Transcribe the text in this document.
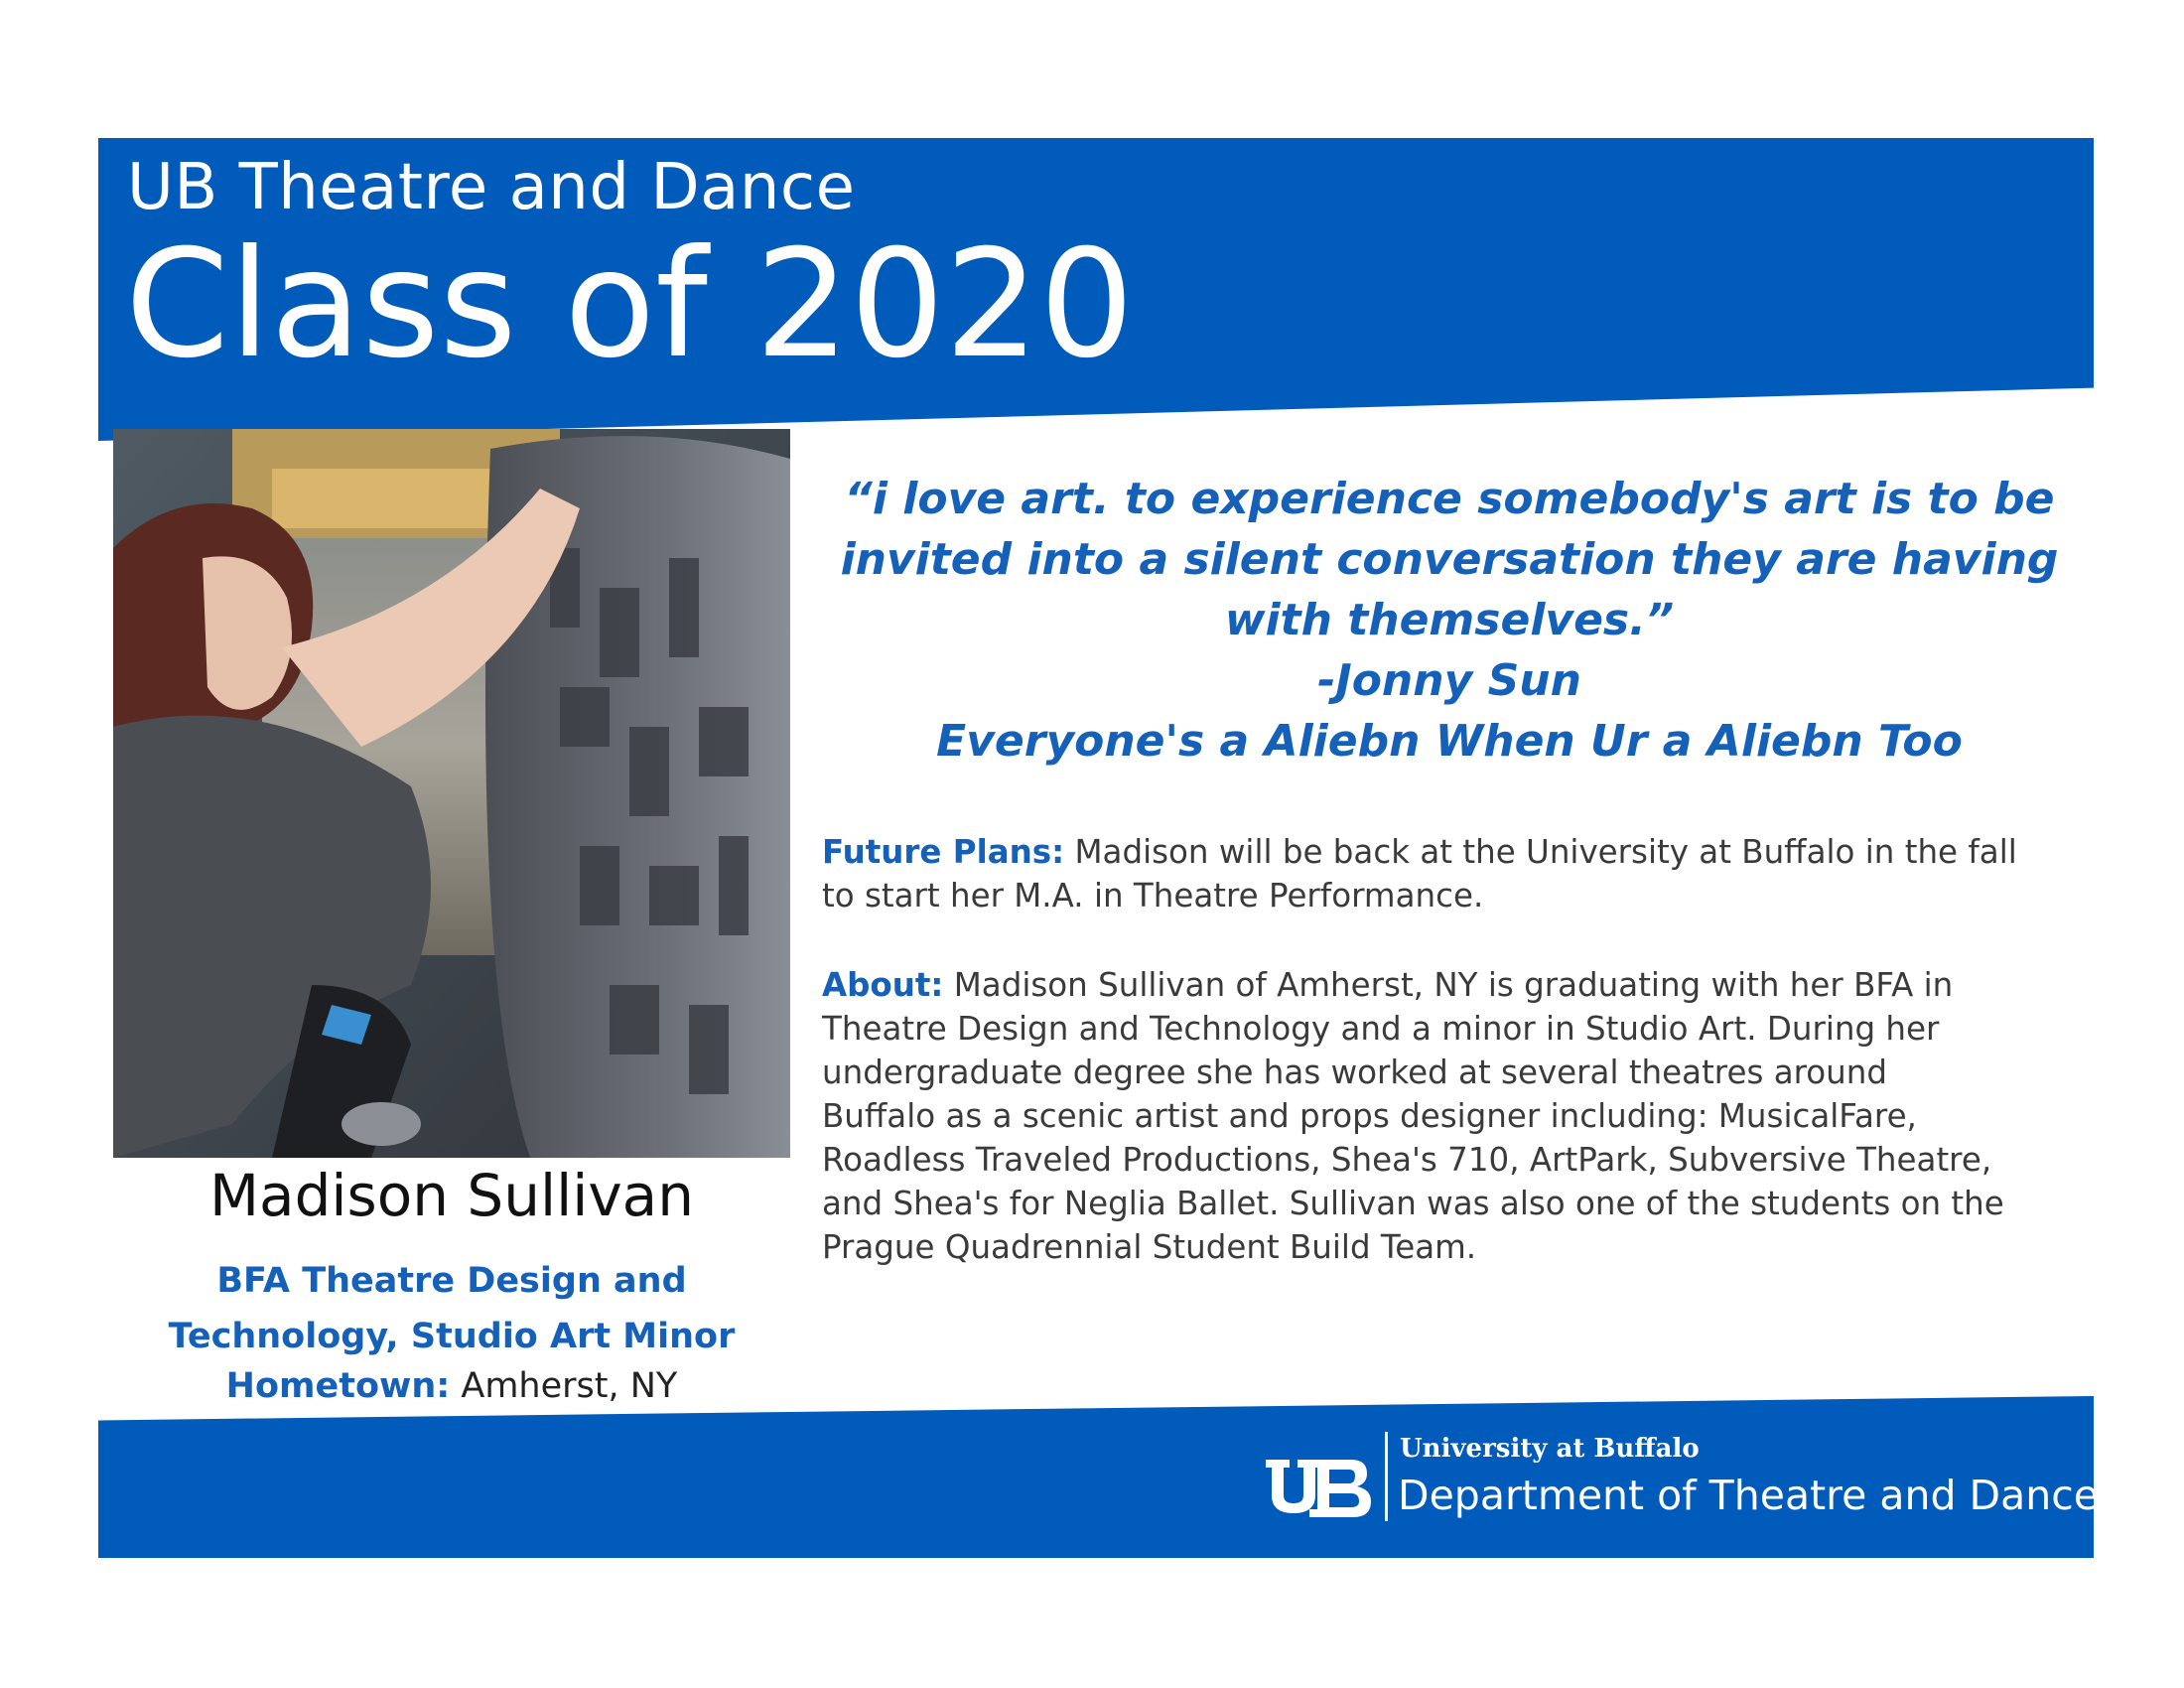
UB Theatre and Dance
Class of 2020
Madison Sullivan
BFA Theatre Design and
Technology, Studio Art Minor
Hometown: Amherst, NY
“i love art. to experience somebody's art is to be
invited into a silent conversation they are having
with themselves.”
-Jonny Sun
Everyone's a Aliebn When Ur a Aliebn Too
Future Plans: Madison will be back at the University at Buffalo in the fall
to start her M.A. in Theatre Performance.
About: Madison Sullivan of Amherst, NY is graduating with her BFA in
Theatre Design and Technology and a minor in Studio Art. During her
undergraduate degree she has worked at several theatres around
Buffalo as a scenic artist and props designer including: MusicalFare,
Roadless Traveled Productions, Shea's 710, ArtPark, Subversive Theatre,
and Shea's for Neglia Ballet. Sullivan was also one of the students on the
Prague Quadrennial Student Build Team.
University at Buffalo
Department of Theatre and Dance
